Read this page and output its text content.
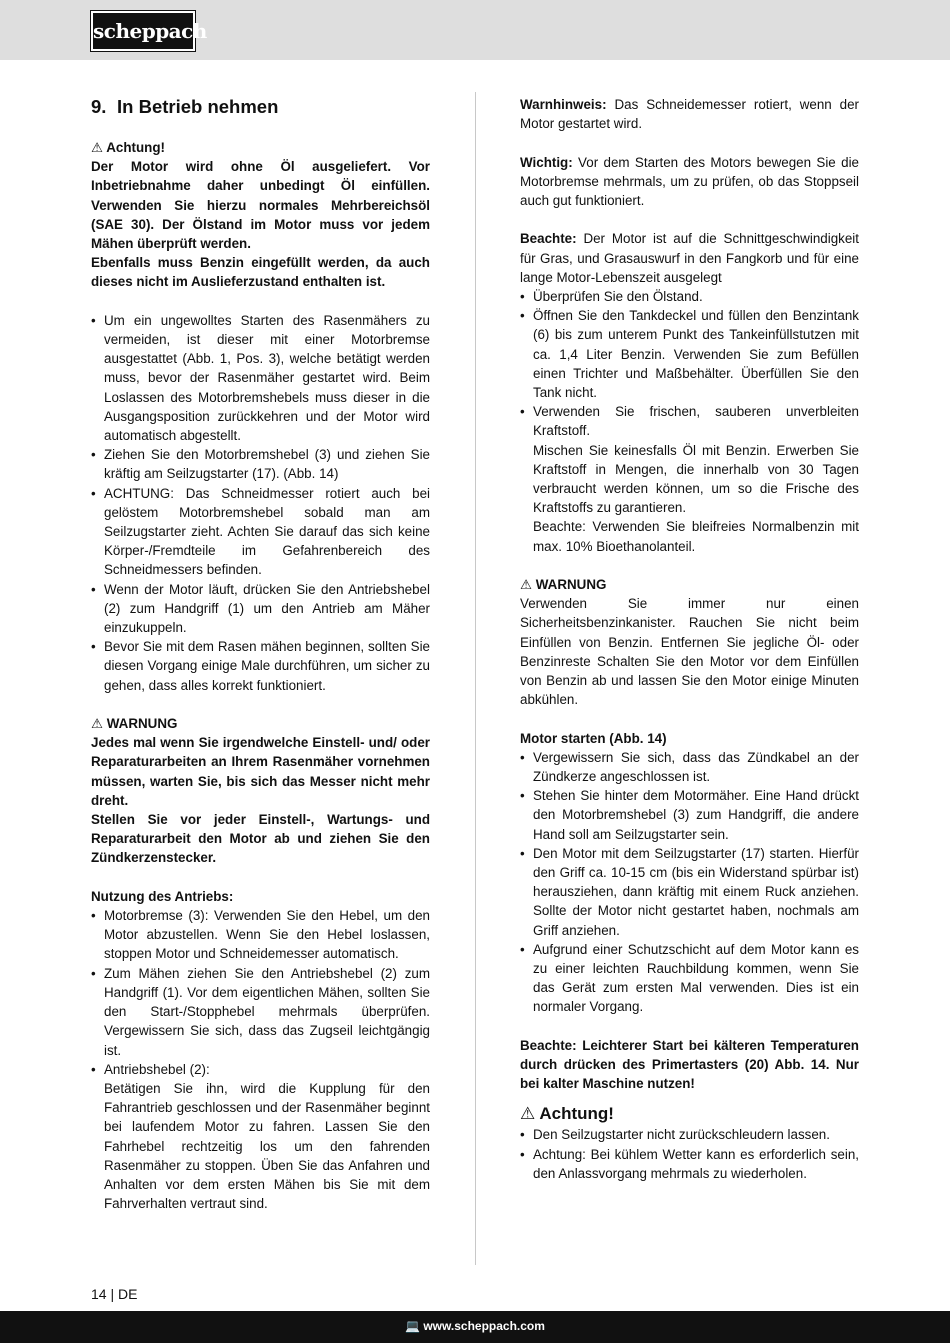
scheppach
9. In Betrieb nehmen

⚠ Achtung!

Der Motor wird ohne Öl ausgeliefert. Vor Inbetriebnahme daher unbedingt Öl einfüllen. Verwenden Sie hierzu normales Mehrbereichsöl (SAE 30). Der Ölstand im Motor muss vor jedem Mähen überprüft werden.

Ebenfalls muss Benzin eingefüllt werden, da auch dieses nicht im Auslieferzustand enthalten ist.

• Um ein ungewolltes Starten des Rasenmähers zu vermeiden, ist dieser mit einer Motorbremse ausgestattet (Abb. 1, Pos. 3), welche betätigt werden muss, bevor der Rasenmäher gestartet wird. Beim Loslassen des Motorbremshebels muss dieser in die Ausgangsposition zurückkehren und der Motor wird automatisch abgestellt.
• Ziehen Sie den Motorbremshebel (3) und ziehen Sie kräftig am Seilzugstarter (17). (Abb. 14)
• ACHTUNG: Das Schneidmesser rotiert auch bei gelöstem Motorbremshebel sobald man am Seilzugstarter zieht. Achten Sie darauf das sich keine Körper-/Fremdteile im Gefahrenbereich des Schneidmessers befinden.
• Wenn der Motor läuft, drücken Sie den Antriebshebel (2) zum Handgriff (1) um den Antrieb am Mäher einzukuppeln.
• Bevor Sie mit dem Rasen mähen beginnen, sollten Sie diesen Vorgang einige Male durchführen, um sicher zu gehen, dass alles korrekt funktioniert.

⚠ WARNUNG

Jedes mal wenn Sie irgendwelche Einstell- und/ oder Reparaturarbeiten an Ihrem Rasenmäher vornehmen müssen, warten Sie, bis sich das Messer nicht mehr dreht.

Stellen Sie vor jeder Einstell-, Wartungs- und Reparaturarbeit den Motor ab und ziehen Sie den Zündkerzenstecker.

Nutzung des Antriebs:

• Motorbremse (3): Verwenden Sie den Hebel, um den Motor abzustellen. Wenn Sie den Hebel loslassen, stoppen Motor und Schneidemesser automatisch.
• Zum Mähen ziehen Sie den Antriebshebel (2) zum Handgriff (1). Vor dem eigentlichen Mähen, sollten Sie den Start-/Stopphebel mehrmals überprüfen. Vergewissern Sie sich, dass das Zugseil leichtgängig ist.
• Antriebshebel (2):
Betätigen Sie ihn, wird die Kupplung für den Fahrantrieb geschlossen und der Rasenmäher beginnt bei laufendem Motor zu fahren. Lassen Sie den Fahrhebel rechtzeitig los um den fahrenden Rasenmäher zu stoppen. Üben Sie das Anfahren und Anhalten vor dem ersten Mähen bis Sie mit dem Fahrverhalten vertraut sind.

Warnhinweis: Das Schneidemesser rotiert, wenn der Motor gestartet wird.

Wichtig: Vor dem Starten des Motors bewegen Sie die Motorbremse mehrmals, um zu prüfen, ob das Stoppseil auch gut funktioniert.

Beachte: Der Motor ist auf die Schnittgeschwindigkeit für Gras, und Grasauswurf in den Fangkorb und für eine lange Motor-Lebenszeit ausgelegt

• Überprüfen Sie den Ölstand.
• Öffnen Sie den Tankdeckel und füllen den Benzintank (6) bis zum unterem Punkt des Tankeinfüllstutzen mit ca. 1,4 Liter Benzin. Verwenden Sie zum Befüllen einen Trichter und Maßbehälter. Überfüllen Sie den Tank nicht.
• Verwenden Sie frischen, sauberen unverbleiten Kraftstoff.
Mischen Sie keinesfalls Öl mit Benzin. Erwerben Sie Kraftstoff in Mengen, die innerhalb von 30 Tagen verbraucht werden können, um so die Frische des Kraftstoffs zu garantieren.
Beachte: Verwenden Sie bleifreies Normalbenzin mit max. 10% Bioethanolanteil.

⚠ WARNUNG

Verwenden Sie immer nur einen Sicherheitsbenzinkanister. Rauchen Sie nicht beim Einfüllen von Benzin. Entfernen Sie jegliche Öl- oder Benzinreste Schalten Sie den Motor vor dem Einfüllen von Benzin ab und lassen Sie den Motor einige Minuten abkühlen.

Motor starten (Abb. 14)

• Vergewissern Sie sich, dass das Zündkabel an der Zündkerze angeschlossen ist.
• Stehen Sie hinter dem Motormäher. Eine Hand drückt den Motorbremshebel (3) zum Handgriff, die andere Hand soll am Seilzugstarter sein.
• Den Motor mit dem Seilzugstarter (17) starten. Hierfür den Griff ca. 10-15 cm (bis ein Widerstand spürbar ist) herausziehen, dann kräftig mit einem Ruck anziehen. Sollte der Motor nicht gestartet haben, nochmals am Griff anziehen.
• Aufgrund einer Schutzschicht auf dem Motor kann es zu einer leichten Rauchbildung kommen, wenn Sie das Gerät zum ersten Mal verwenden. Dies ist ein normaler Vorgang.

Beachte: Leichterer Start bei kälteren Temperaturen durch drücken des Primertasters (20) Abb. 14. Nur bei kalter Maschine nutzen!

⚠ Achtung!

• Den Seilzugstarter nicht zurückschleudern lassen.
• Achtung: Bei kühlem Wetter kann es erforderlich sein, den Anlassvorgang mehrmals zu wiederholen.
14 | DE
💻 www.scheppach.com
